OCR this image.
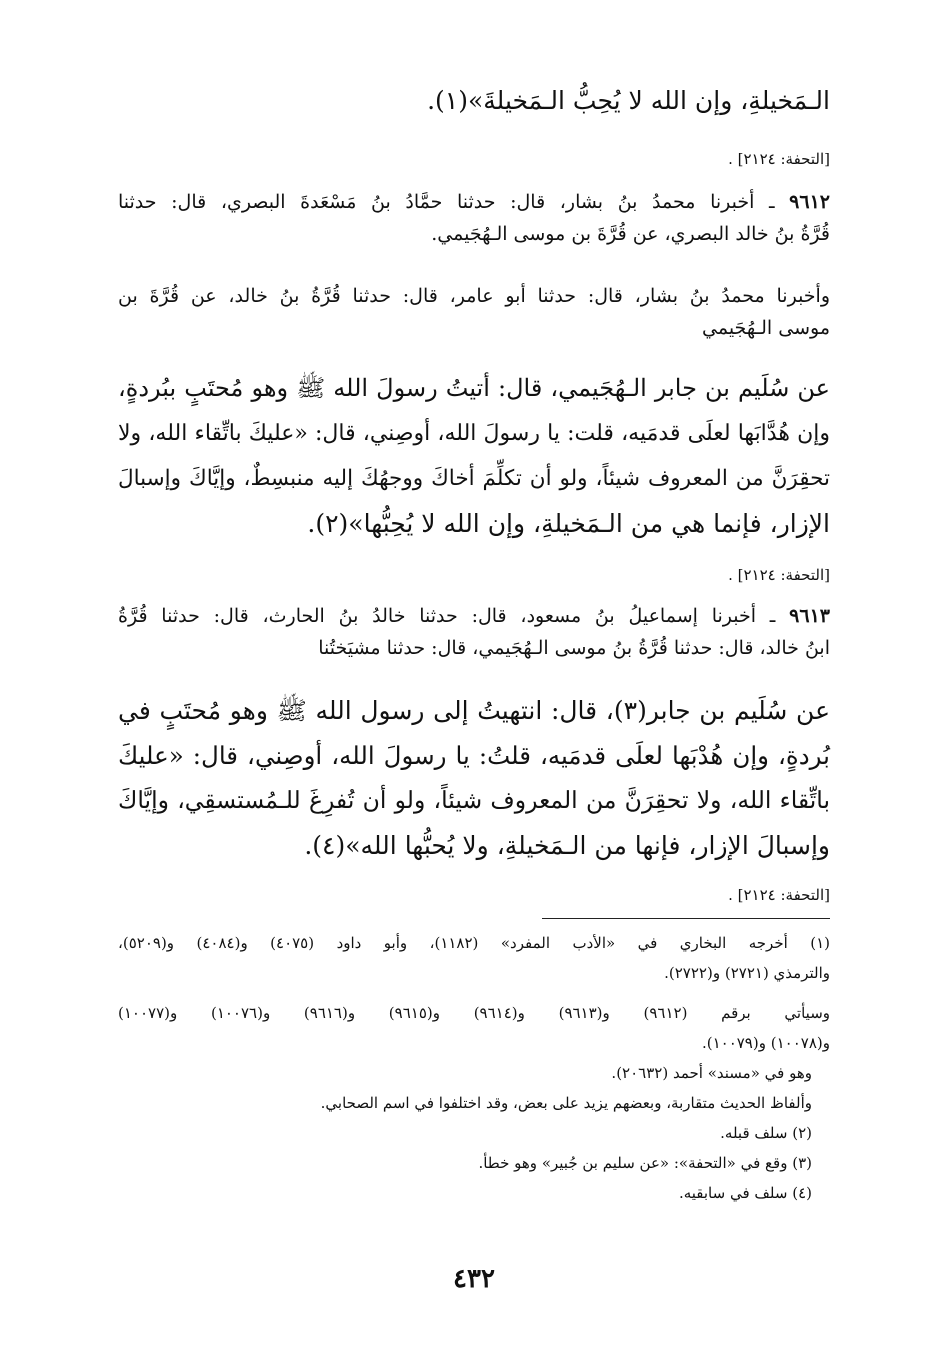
الـمَخيلةِ، وإن الله لا يُحِبُّ الـمَخيلةَ»(١).
[التحفة: ٢١٢٤] .
٩٦١٢ ـ أخبرنا محمدُ بنُ بشار، قال: حدثنا حمَّادُ بنُ مَسْعَدةَ البصري، قال: حدثنا
قُرَّةُ بنُ خالد البصري، عن قُرَّةَ بن موسى الـهُجَيمي.
وأخبرنا محمدُ بنُ بشار، قال: حدثنا أبو عامر، قال: حدثنا قُرَّةُ بنُ خالد، عن قُرَّةَ بن
موسى الـهُجَيمي
عن سُلَيم بن جابر الـهُجَيمي، قال: أتيتُ رسولَ الله ﷺ وهو مُحتَبٍ ببُردةٍ،
وإن هُدَّابَها لعلَى قدمَيه، قلت: يا رسولَ الله، أوصِني، قال: «عليكَ باتِّقاء الله، ولا
تحقِرَنَّ من المعروف شيئاً، ولو أن تكلِّمَ أخاكَ ووجهُكَ إليه منبسِطٌ، وإيَّاكَ وإسبالَ
الإزار، فإنما هي من الـمَخيلةِ، وإن الله لا يُحِبُّها»(٢).
[التحفة: ٢١٢٤] .
٩٦١٣ ـ أخبرنا إسماعيلُ بنُ مسعود، قال: حدثنا خالدُ بنُ الحارث، قال: حدثنا قُرَّةُ
ابنُ خالد، قال: حدثنا قُرَّةُ بنُ موسى الـهُجَيمي، قال: حدثنا مشيَختُنا
عن سُلَيم بن جابر(٣)، قال: انتهيتُ إلى رسول الله ﷺ وهو مُحتَبٍ في
بُردةٍ، وإن هُدْبَها لعلَى قدمَيه، قلتُ: يا رسولَ الله، أوصِني، قال: «عليكَ
باتِّقاء الله، ولا تحقِرَنَّ من المعروف شيئاً، ولو أن تُفرِغَ للـمُستسقِي، وإيَّاكَ
وإسبالَ الإزار، فإنها من الـمَخيلةِ، ولا يُحبُّها الله»(٤).
[التحفة: ٢١٢٤] .
(١) أخرجه البخاري في «الأدب المفرد» (١١٨٢)، وأبو داود (٤٠٧٥) و(٤٠٨٤) و(٥٢٠٩)،
والترمذي (٢٧٢١) و(٢٧٢٢).
وسيأتي برقم (٩٦١٢) و(٩٦١٣) و(٩٦١٤) و(٩٦١٥) و(٩٦١٦) و(١٠٠٧٦) و(١٠٠٧٧)
و(١٠٠٧٨) و(١٠٠٧٩).
وهو في «مسند» أحمد (٢٠٦٣٢).
وألفاظ الحديث متقاربة، وبعضهم يزيد على بعض، وقد اختلفوا في اسم الصحابي.
(٢) سلف قبله.
(٣) وقع في «التحفة»: «عن سليم بن جُبير» وهو خطأ.
(٤) سلف في سابقيه.
٤٣٢
